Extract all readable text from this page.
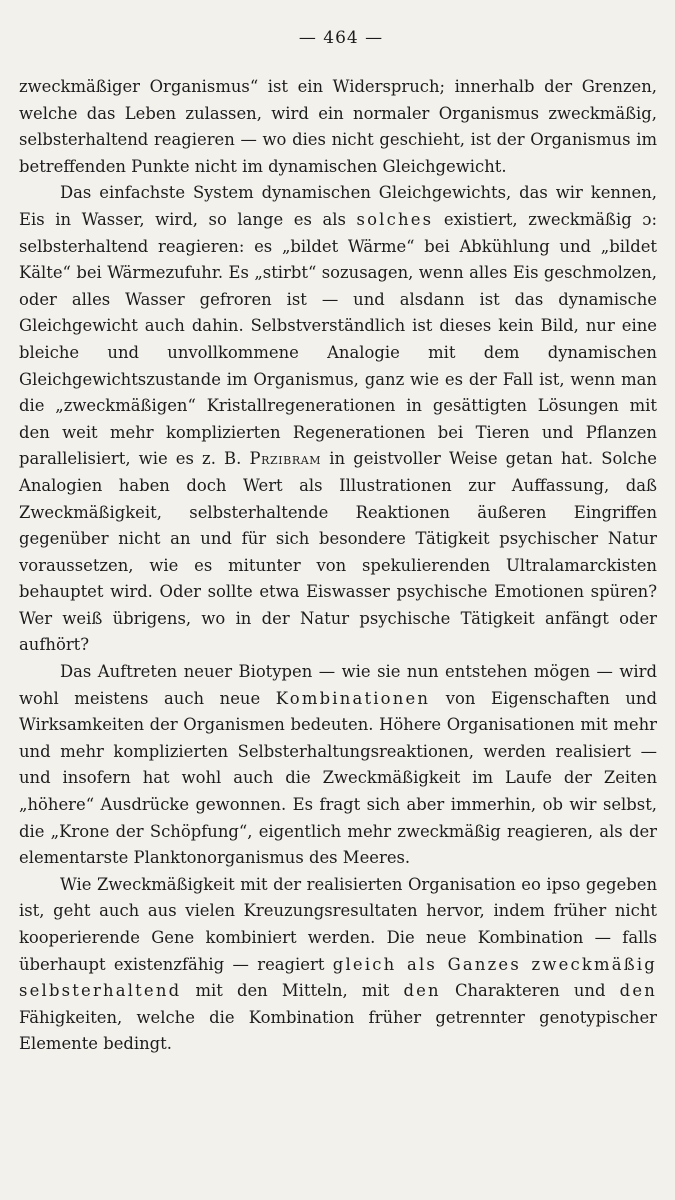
— 464 —

zweckmäßiger Organismus“ ist ein Widerspruch; innerhalb der Grenzen, welche das Leben zulassen, wird ein normaler Organismus zweckmäßig, selbsterhaltend reagieren — wo dies nicht geschieht, ist der Organismus im betreffenden Punkte nicht im dynamischen Gleichgewicht.

Das einfachste System dynamischen Gleichgewichts, das wir kennen, Eis in Wasser, wird, so lange es als solches existiert, zweckmäßig ɔ: selbsterhaltend reagieren: es „bildet Wärme“ bei Abkühlung und „bildet Kälte“ bei Wärmezufuhr. Es „stirbt“ sozusagen, wenn alles Eis geschmolzen, oder alles Wasser gefroren ist — und alsdann ist das dynamische Gleichgewicht auch dahin. Selbstverständlich ist dieses kein Bild, nur eine bleiche und unvollkommene Analogie mit dem dynamischen Gleichgewichtszustande im Organismus, ganz wie es der Fall ist, wenn man die „zweckmäßigen“ Kristallregenerationen in gesättigten Lösungen mit den weit mehr komplizierten Regenerationen bei Tieren und Pflanzen parallelisiert, wie es z. B. Przibram in geistvoller Weise getan hat. Solche Analogien haben doch Wert als Illustrationen zur Auffassung, daß Zweckmäßigkeit, selbsterhaltende Reaktionen äußeren Eingriffen gegenüber nicht an und für sich besondere Tätigkeit psychischer Natur voraussetzen, wie es mitunter von spekulierenden Ultralamarckisten behauptet wird. Oder sollte etwa Eiswasser psychische Emotionen spüren? Wer weiß übrigens, wo in der Natur psychische Tätigkeit anfängt oder aufhört?

Das Auftreten neuer Biotypen — wie sie nun entstehen mögen — wird wohl meistens auch neue Kombinationen von Eigenschaften und Wirksamkeiten der Organismen bedeuten. Höhere Organisationen mit mehr und mehr komplizierten Selbsterhaltungsreaktionen, werden realisiert — und insofern hat wohl auch die Zweckmäßigkeit im Laufe der Zeiten „höhere“ Ausdrücke gewonnen. Es fragt sich aber immerhin, ob wir selbst, die „Krone der Schöpfung“, eigentlich mehr zweckmäßig reagieren, als der elementarste Planktonorganismus des Meeres.

Wie Zweckmäßigkeit mit der realisierten Organisation eo ipso gegeben ist, geht auch aus vielen Kreuzungsresultaten hervor, indem früher nicht kooperierende Gene kombiniert werden. Die neue Kombination — falls überhaupt existenzfähig — reagiert gleich als Ganzes zweckmäßig selbsterhaltend mit den Mitteln, mit den Charakteren und den Fähigkeiten, welche die Kombination früher getrennter genotypischer Elemente bedingt.
